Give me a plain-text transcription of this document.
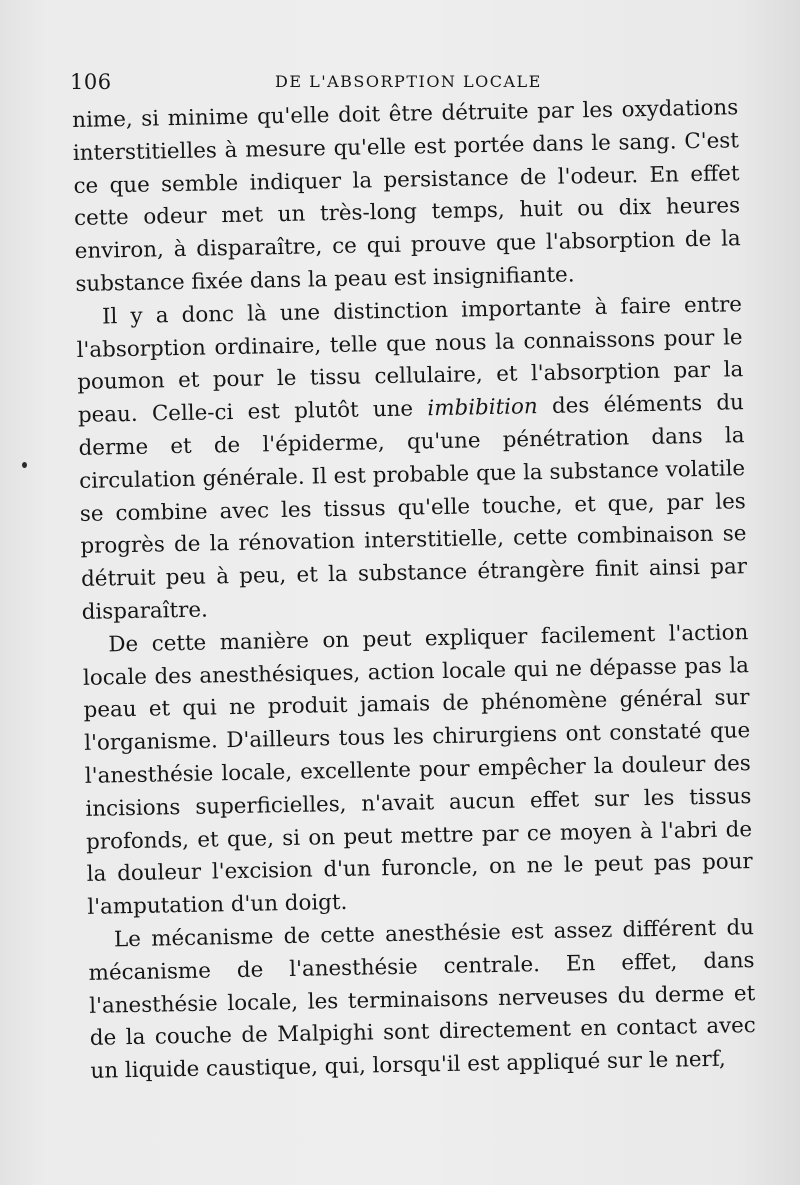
106	DE L'ABSORPTION LOCALE

nime, si minime qu'elle doit être détruite par les oxydations interstitielles à mesure qu'elle est portée dans le sang. C'est ce que semble indiquer la persistance de l'odeur. En effet cette odeur met un très-long temps, huit ou dix heures environ, à disparaître, ce qui prouve que l'absorption de la substance fixée dans la peau est insignifiante.

Il y a donc là une distinction importante à faire entre l'absorption ordinaire, telle que nous la connaissons pour le poumon et pour le tissu cellulaire, et l'absorption par la peau. Celle-ci est plutôt une imbibition des éléments du derme et de l'épiderme, qu'une pénétration dans la circulation générale. Il est probable que la substance volatile se combine avec les tissus qu'elle touche, et que, par les progrès de la rénovation interstitielle, cette combinaison se détruit peu à peu, et la substance étrangère finit ainsi par disparaître.

De cette manière on peut expliquer facilement l'action locale des anesthésiques, action locale qui ne dépasse pas la peau et qui ne produit jamais de phénomène général sur l'organisme. D'ailleurs tous les chirurgiens ont constaté que l'anesthésie locale, excellente pour empêcher la douleur des incisions superficielles, n'avait aucun effet sur les tissus profonds, et que, si on peut mettre par ce moyen à l'abri de la douleur l'excision d'un furoncle, on ne le peut pas pour l'amputation d'un doigt.

Le mécanisme de cette anesthésie est assez différent du mécanisme de l'anesthésie centrale. En effet, dans l'anesthésie locale, les terminaisons nerveuses du derme et de la couche de Malpighi sont directement en contact avec un liquide caustique, qui, lorsqu'il est appliqué sur le nerf,
